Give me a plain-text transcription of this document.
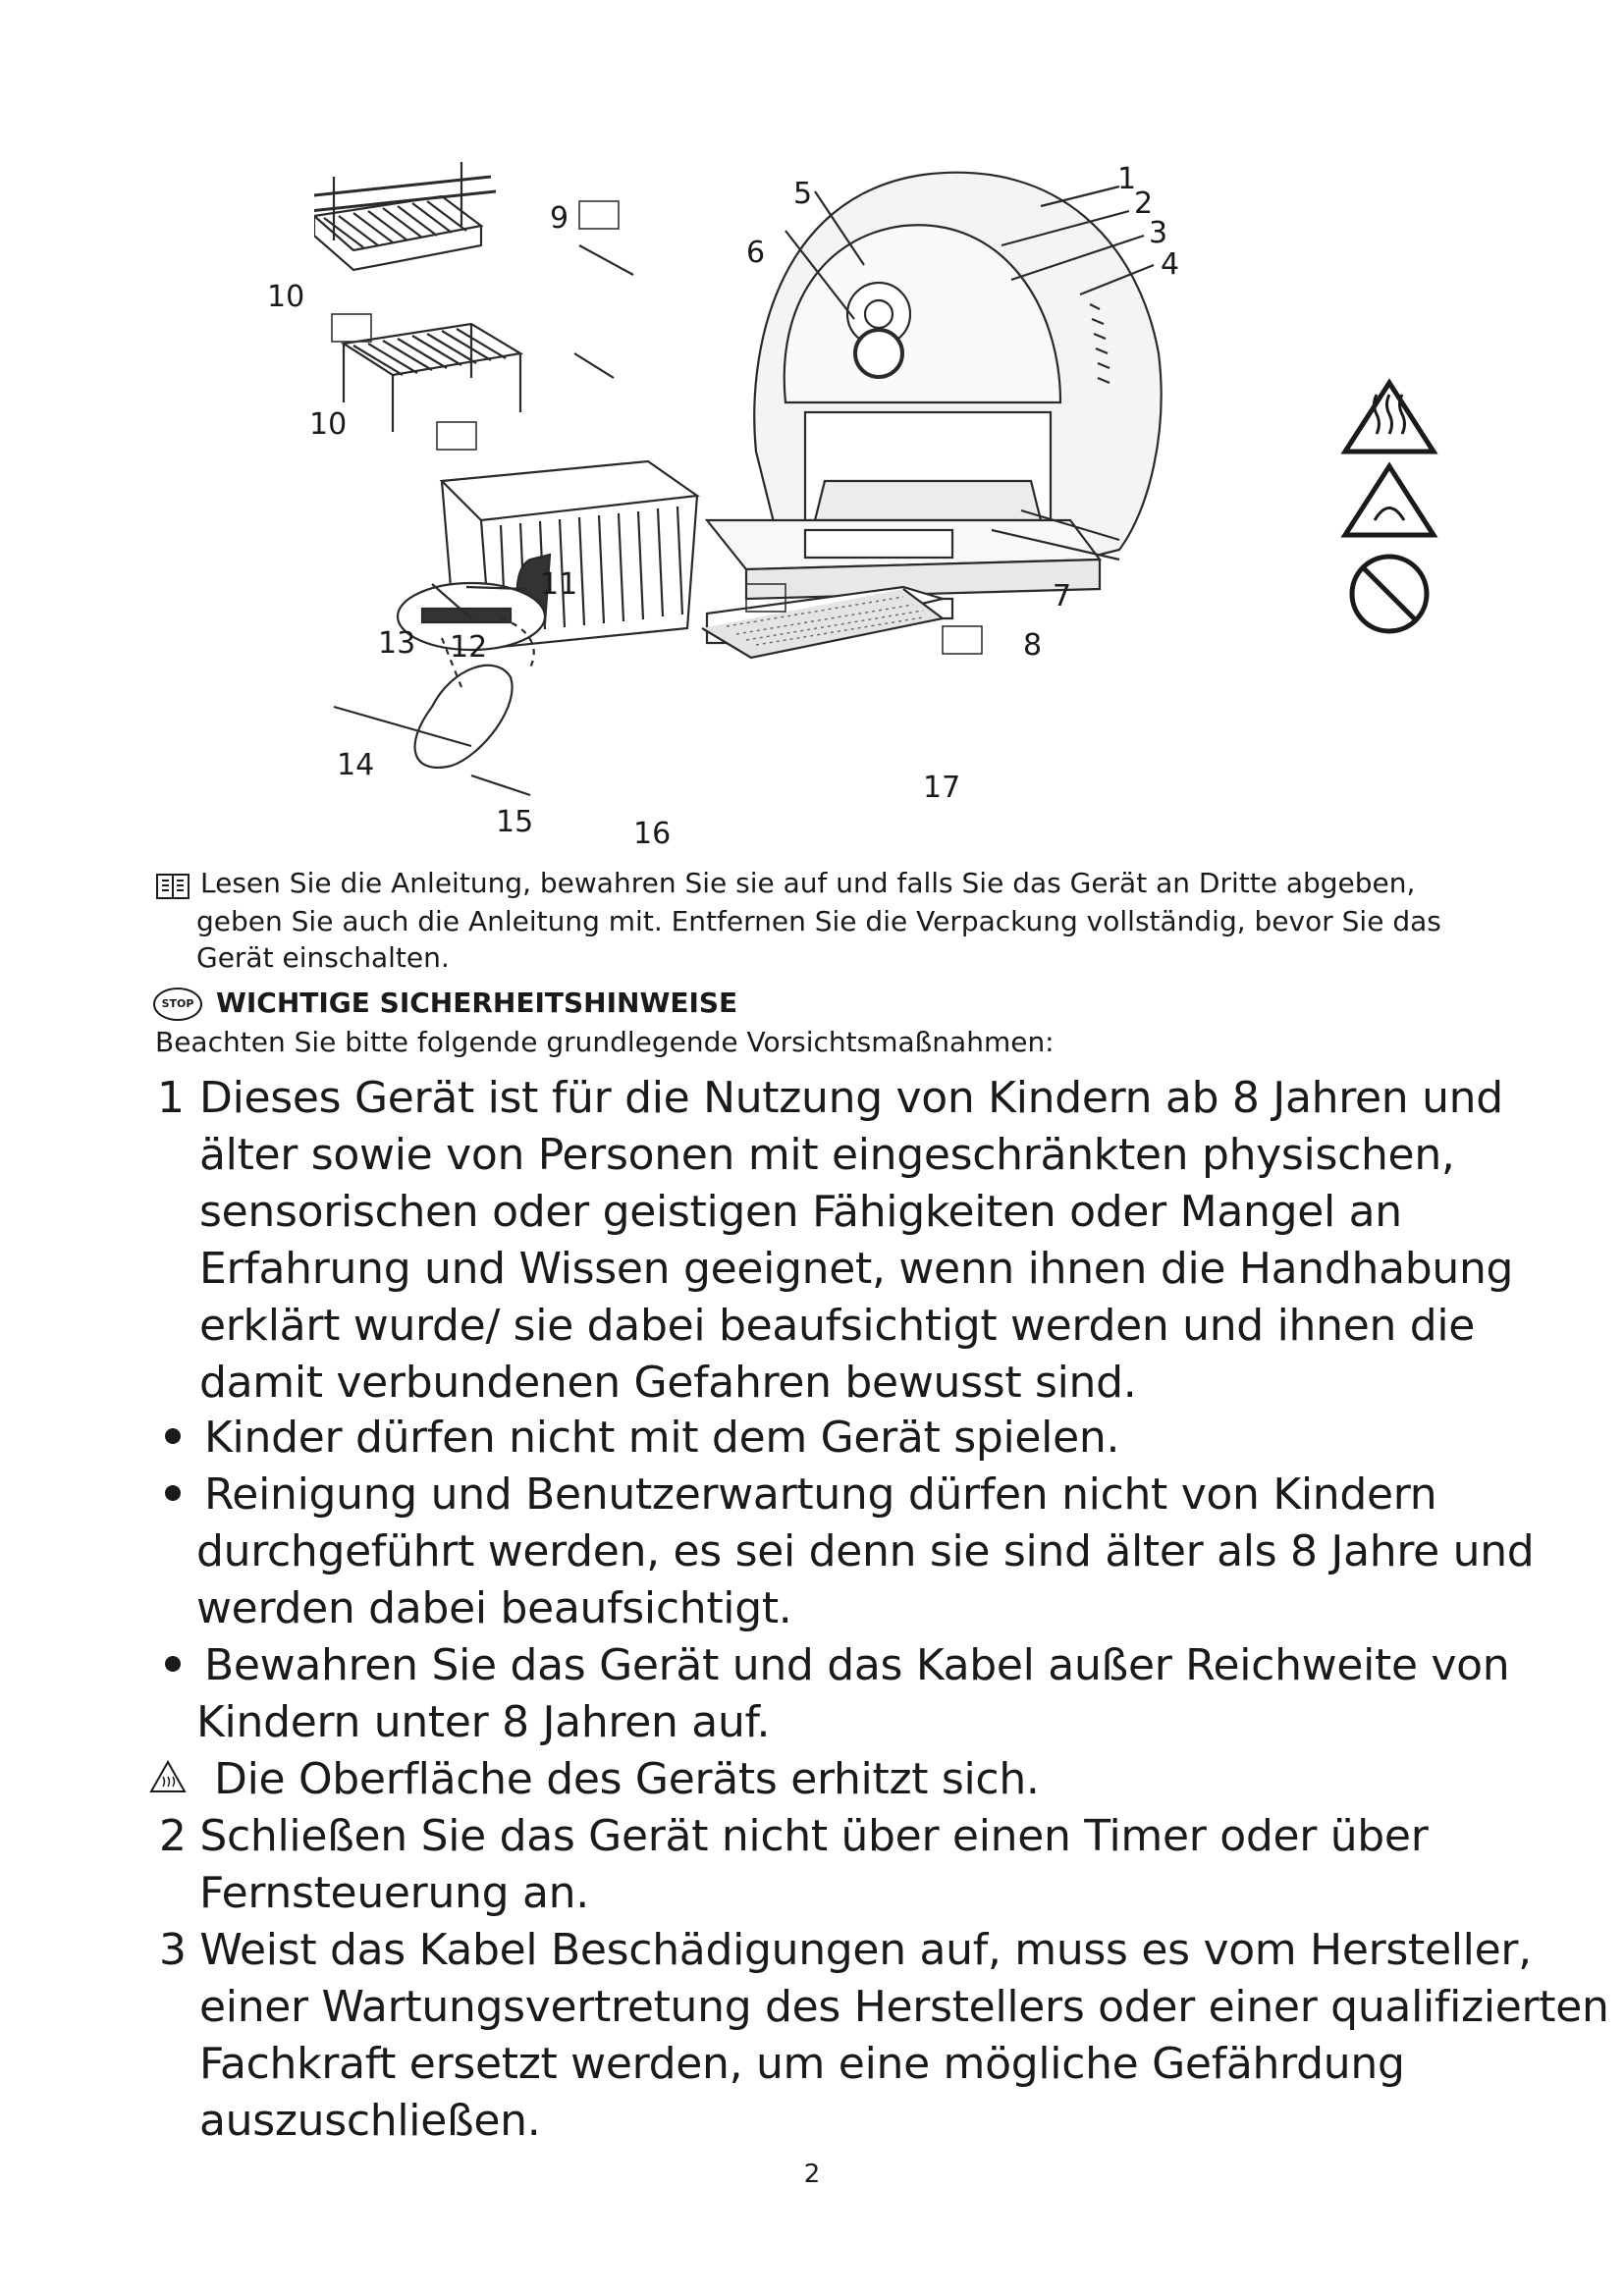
1
2
3
4
5
6
7
8
9
10
10
11
12
13
14
15	16
17
Lesen Sie die Anleitung, bewahren Sie sie auf und falls Sie das Gerät an Dritte abgeben,
geben Sie auch die Anleitung mit. Entfernen Sie die Verpackung vollständig, bevor Sie das
Gerät einschalten.
STOP WICHTIGE SICHERHEITSHINWEISE
Beachten Sie bitte folgende grundlegende Vorsichtsmaßnahmen:
1 Dieses Gerät ist für die Nutzung von Kindern ab 8 Jahren und
älter sowie von Personen mit eingeschränkten physischen,
sensorischen oder geistigen Fähigkeiten oder Mangel an
Erfahrung und Wissen geeignet, wenn ihnen die Handhabung
erklärt wurde/ sie dabei beaufsichtigt werden und ihnen die
damit verbundenen Gefahren bewusst sind.
Kinder dürfen nicht mit dem Gerät spielen.
Reinigung und Benutzerwartung dürfen nicht von Kindern
durchgeführt werden, es sei denn sie sind älter als 8 Jahre und
werden dabei beaufsichtigt.
Bewahren Sie das Gerät und das Kabel außer Reichweite von
Kindern unter 8 Jahren auf.
Die Oberfläche des Geräts erhitzt sich.
2 Schließen Sie das Gerät nicht über einen Timer oder über
Fernsteuerung an.
3 Weist das Kabel Beschädigungen auf, muss es vom Hersteller,
einer Wartungsvertretung des Herstellers oder einer qualifizierten
Fachkraft ersetzt werden, um eine mögliche Gefährdung
auszuschließen.
2
